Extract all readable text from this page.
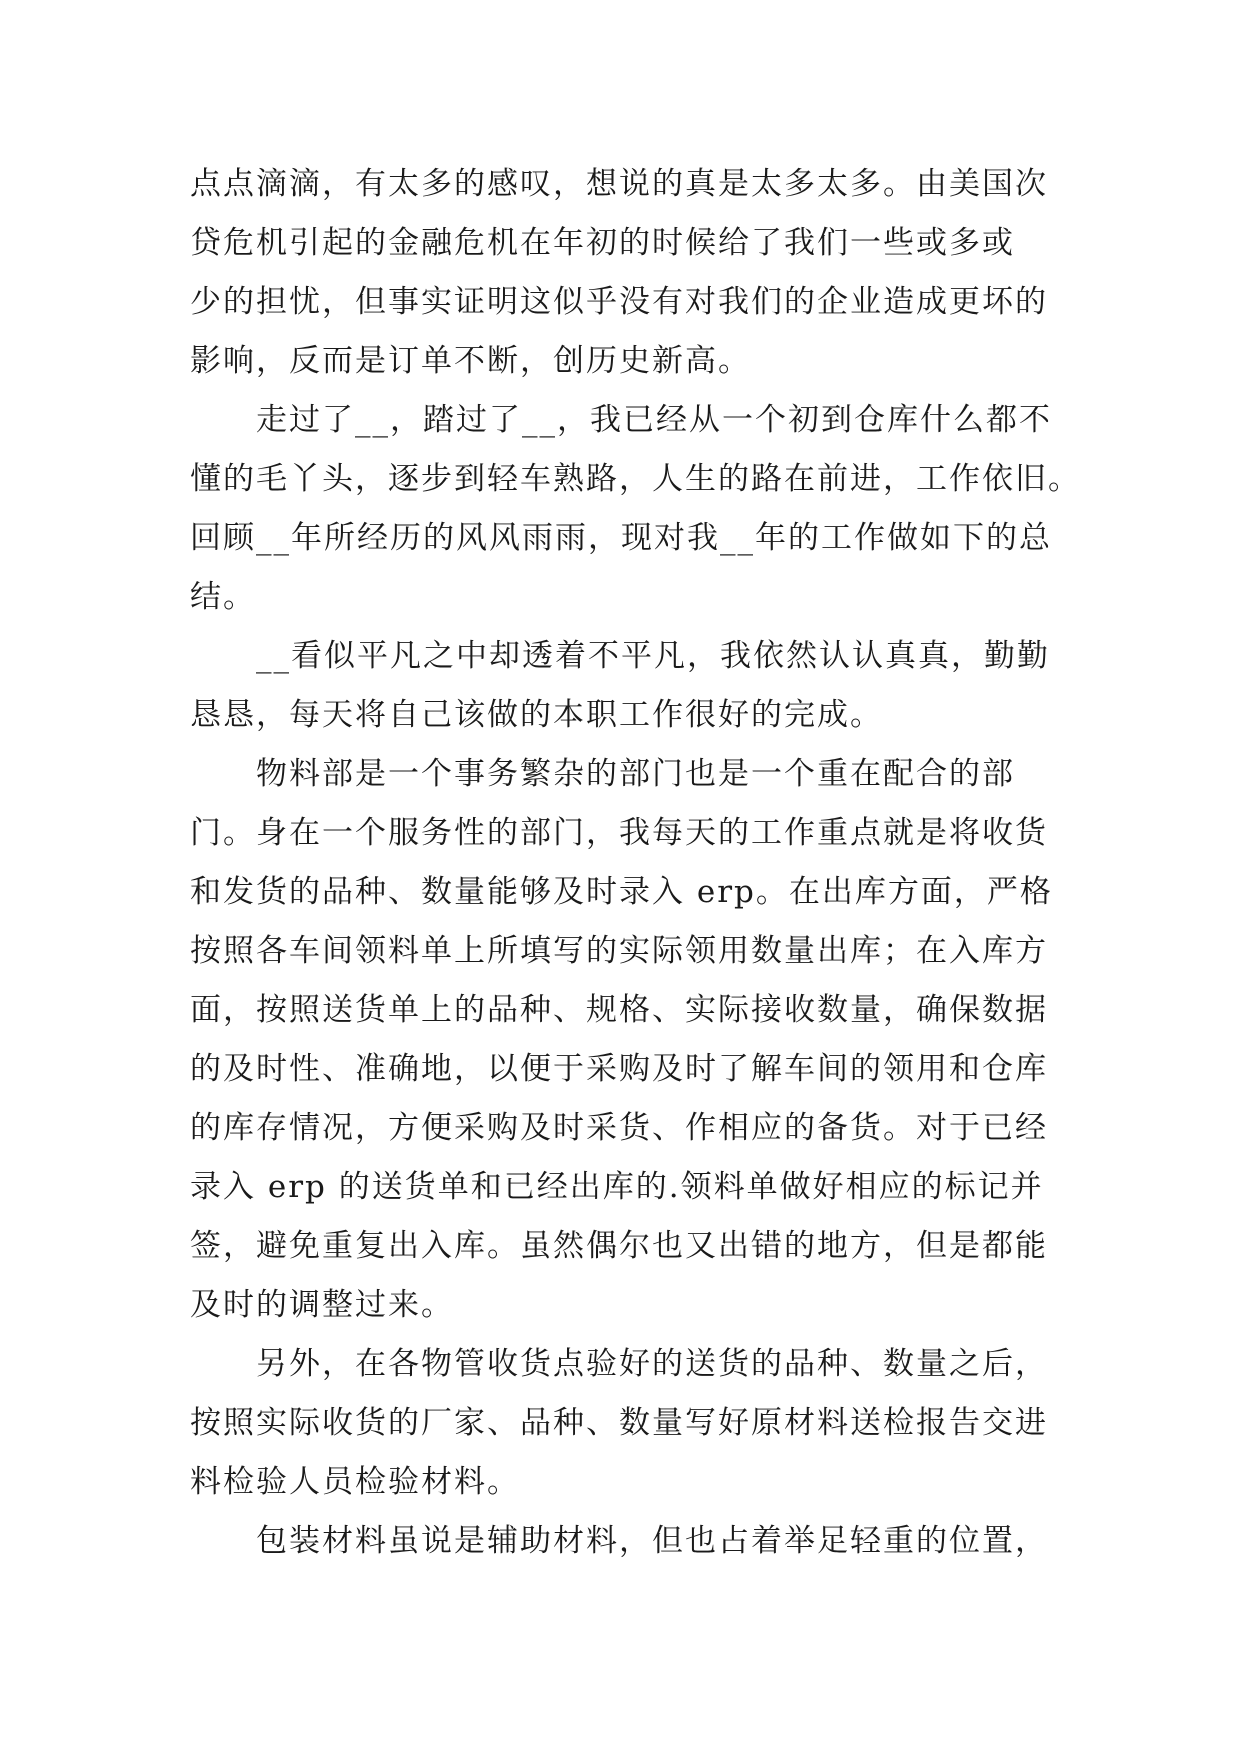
点点滴滴，有太多的感叹，想说的真是太多太多。由美国次
贷危机引起的金融危机在年初的时候给了我们一些或多或
少的担忧，但事实证明这似乎没有对我们的企业造成更坏的
影响，反而是订单不断，创历史新高。
　　走过了__，踏过了__，我已经从一个初到仓库什么都不
懂的毛丫头，逐步到轻车熟路，人生的路在前进，工作依旧。
回顾__年所经历的风风雨雨，现对我__年的工作做如下的总
结。
　　__看似平凡之中却透着不平凡，我依然认认真真，勤勤
恳恳，每天将自己该做的本职工作很好的完成。
　　物料部是一个事务繁杂的部门也是一个重在配合的部
门。身在一个服务性的部门，我每天的工作重点就是将收货
和发货的品种、数量能够及时录入 erp。在出库方面，严格
按照各车间领料单上所填写的实际领用数量出库；在入库方
面，按照送货单上的品种、规格、实际接收数量，确保数据
的及时性、准确地，以便于采购及时了解车间的领用和仓库
的库存情况，方便采购及时采货、作相应的备货。对于已经
录入 erp 的送货单和已经出库的.领料单做好相应的标记并
签，避免重复出入库。虽然偶尔也又出错的地方，但是都能
及时的调整过来。
　　另外，在各物管收货点验好的送货的品种、数量之后，
按照实际收货的厂家、品种、数量写好原材料送检报告交进
料检验人员检验材料。
　　包装材料虽说是辅助材料，但也占着举足轻重的位置，
